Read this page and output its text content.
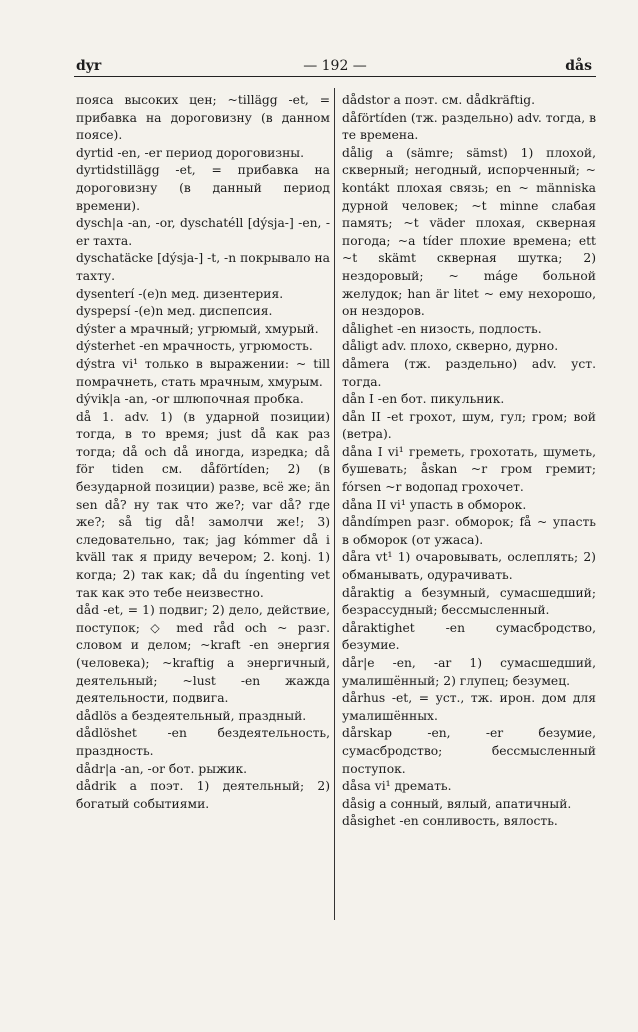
dyr	— 192 —	dås

пояса высоких цен; ~tillägg -et, = прибавка на дороговизну (в данном поясе).

dyrtid -en, -er период дороговизны.

dyrtidstillägg -et, = прибавка на дороговизну (в данный период времени).

dysch|a -an, -or, dyschatéll [dýsja-] -en, -er тахта.

dyschatäcke [dýsja-] -t, -n покрывало на тахту.

dysenterí -(e)n мед. дизентерия.

dyspepsí -(e)n мед. диспепсия.

dýster a мрачный; угрюмый, хмурый.

dýsterhet -en мрачность, угрюмость.

dýstra vi¹ только в выражении: ~ till помрачнеть, стать мрачным, хмурым.

dývik|a -an, -or шлюпочная пробка.

då 1. adv. 1) (в ударной позиции) тогда, в то время; just då как раз тогда; då och då иногда, изредка; då för tiden см. dåförtíden; 2) (в безударной позиции) разве, всё же; än sen då? ну так что же?; var då? где же?; så tig då! замолчи же!; 3) следовательно, так; jag kómmer då i kväll так я приду вечером; 2. konj. 1) когда; 2) так как; då du íngenting vet так как это тебе неизвестно.

dåd -et, = 1) подвиг; 2) дело, действие, поступок; ◇ med råd och ~ разг. словом и делом; ~kraft -en энергия (человека); ~kraftig a энергичный, деятельный; ~lust -en жажда деятельности, подвига.

dådlös a бездеятельный, праздный.

dådlöshet -en бездеятельность, праздность.

dådr|a -an, -or бот. рыжик.

dådrik a поэт. 1) деятельный; 2) богатый событиями.

dådstor a поэт. см. dådkräftig.

dåförtíden (тж. раздельно) adv. тогда, в те времена.

dålig a (sämre; sämst) 1) плохой, скверный; негодный, испорченный; ~ kontákt плохая связь; en ~ människa дурной человек; ~t minne слабая память; ~t väder плохая, скверная погода; ~a tíder плохие времена; ett ~t skämt скверная шутка; 2) нездоровый; ~ máge больной желудок; han är litet ~ ему нехорошо, он нездоров.

dålighet -en низость, подлость.

dåligt adv. плохо, скверно, дурно.

dåmera (тж. раздельно) adv. уст. тогда.

dån I -en бот. пикульник.

dån II -et грохот, шум, гул; гром; вой (ветра).

dåna I vi¹ греметь, грохотать, шуметь, бушевать; åskan ~r гром гремит; fórsen ~r водопад грохочет.

dåna II vi¹ упасть в обморок.

dåndímpen разг. обморок; få ~ упасть в обморок (от ужаса).

dåra vt¹ 1) очаровывать, ослеплять; 2) обманывать, одурачивать.

dåraktig a безумный, сумасшедший; безрассудный; бессмысленный.

dåraktighet -en сумасбродство, безумие.

dår|e -en, -ar 1) сумасшедший, умалишённый; 2) глупец; безумец.

dårhus -et, = уст., тж. ирон. дом для умалишённых.

dårskap -en, -er безумие, сумасбродство; бессмысленный поступок.

dåsa vi¹ дремать.

dåsig a сонный, вялый, апатичный.

dåsighet -en сонливость, вялость.
